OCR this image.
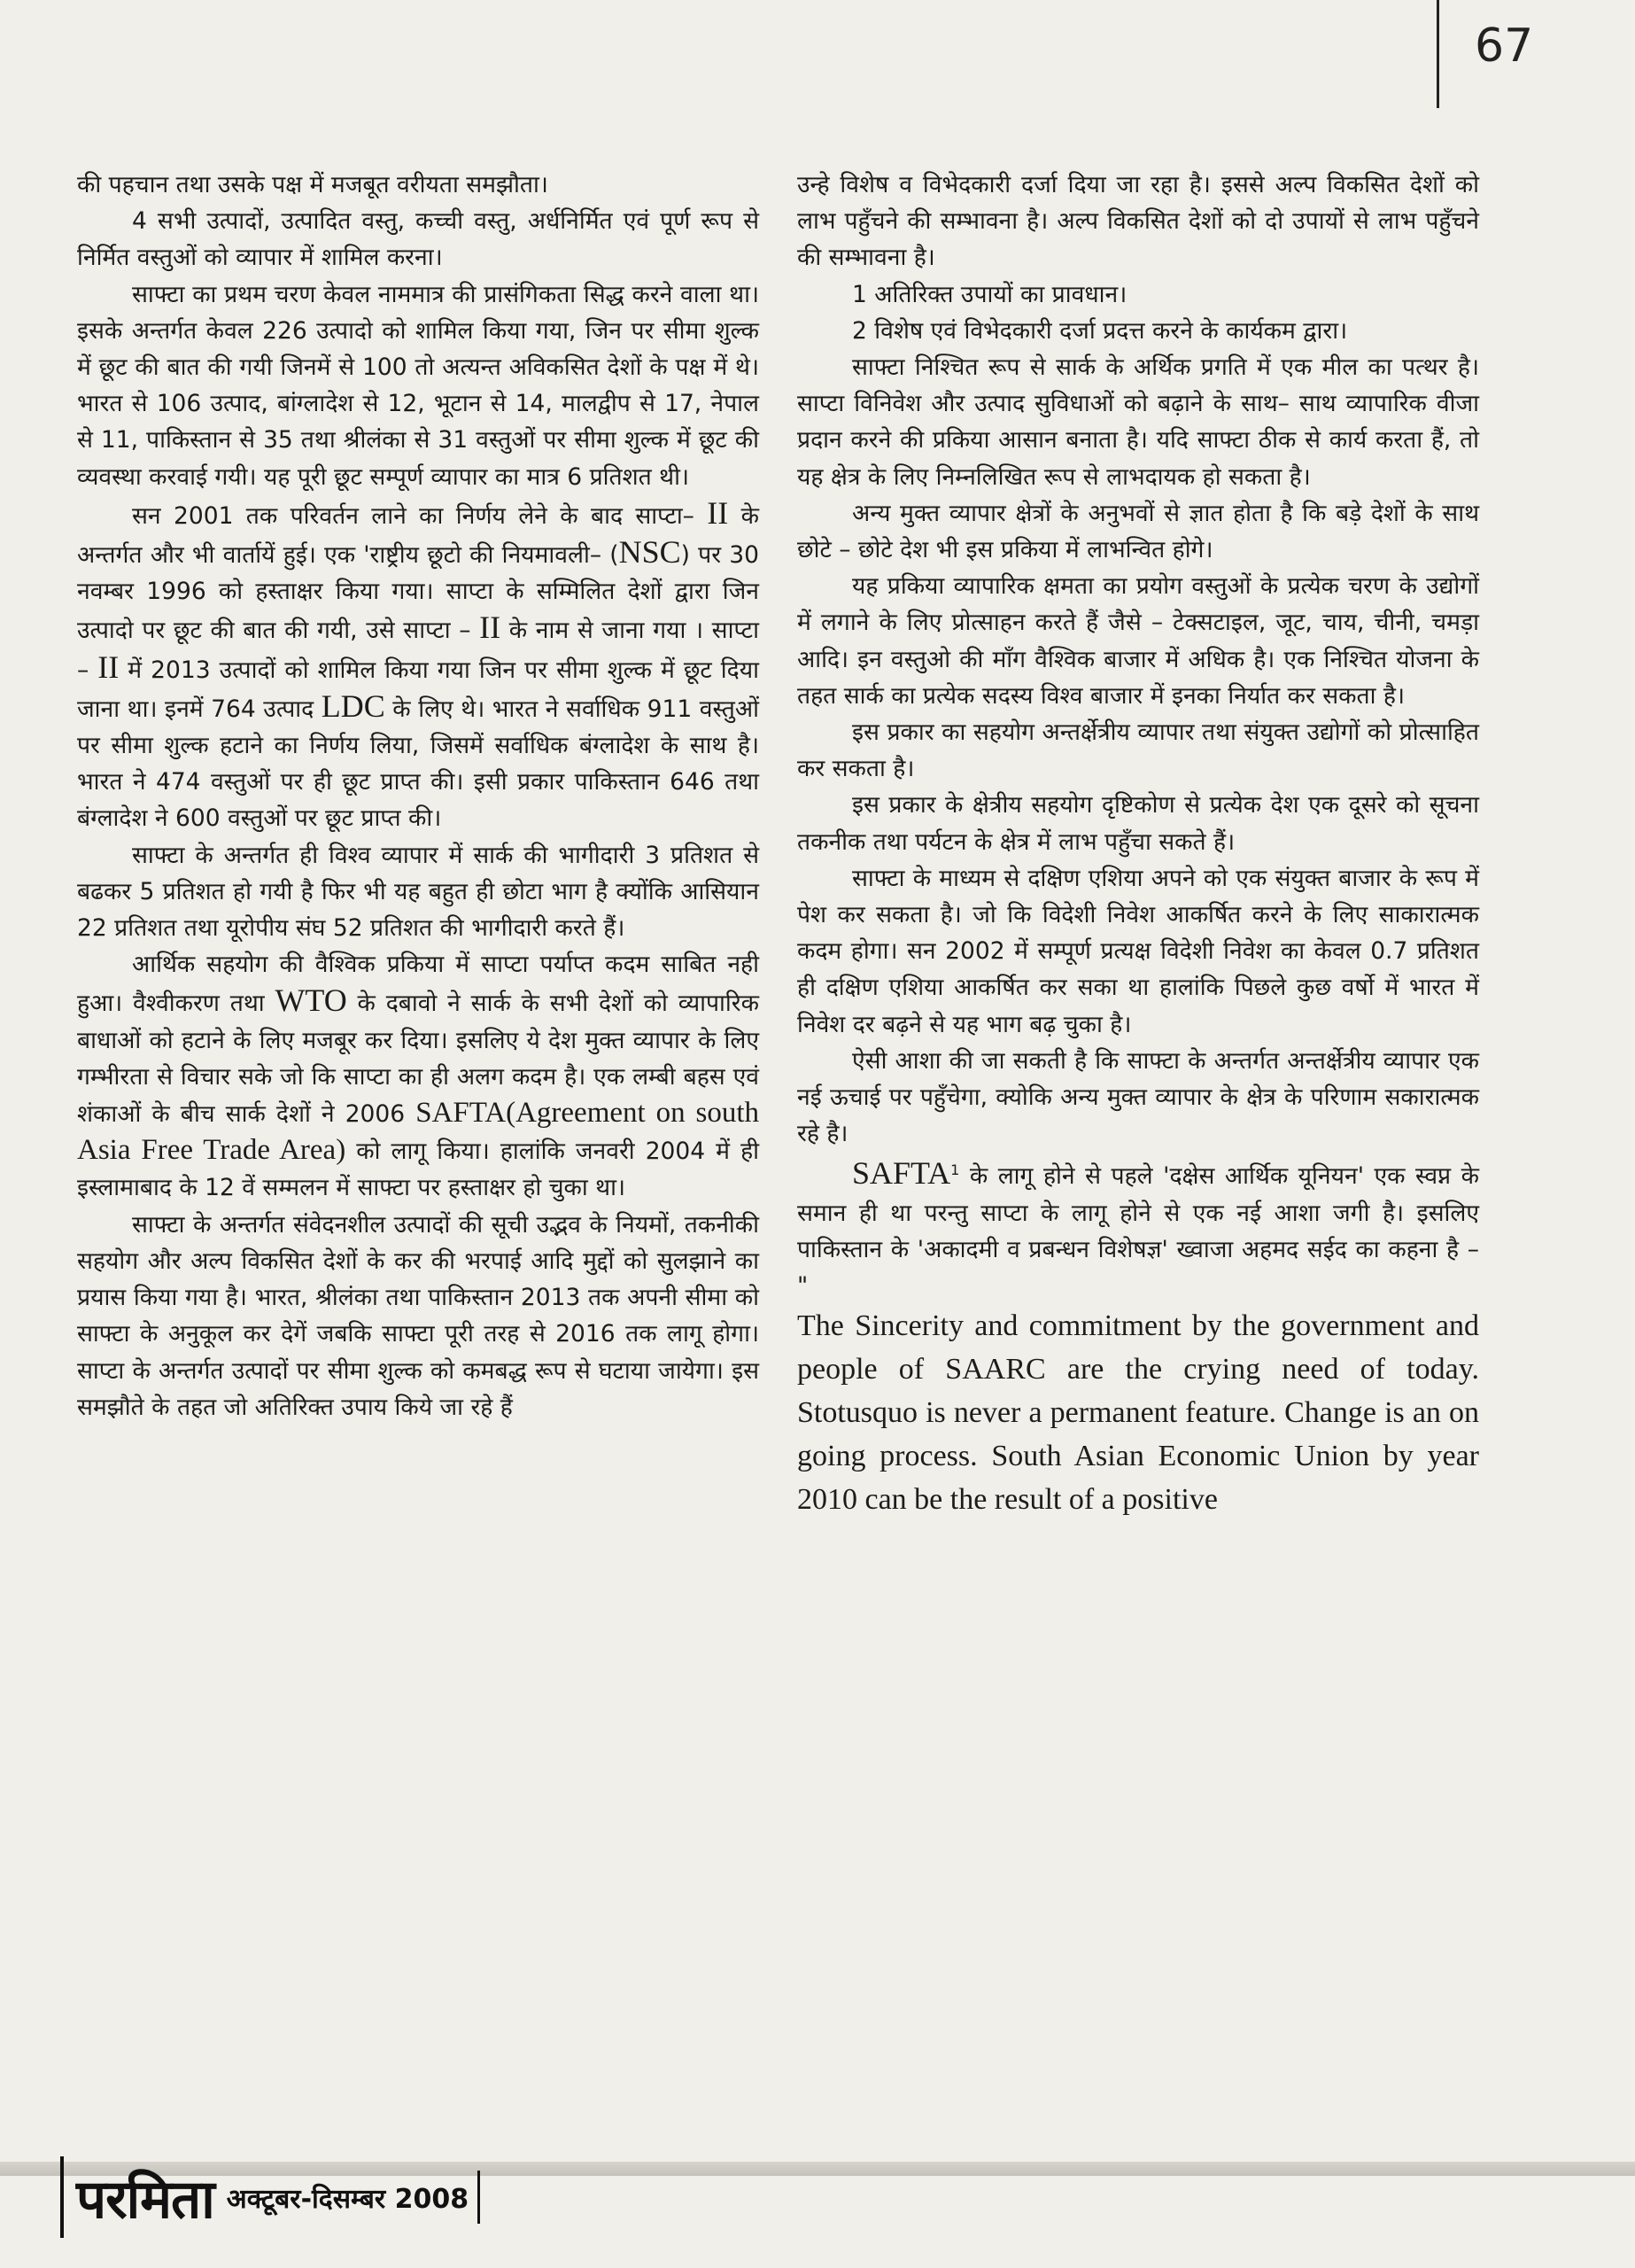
67

की पहचान तथा उसके पक्ष में मजबूत वरीयता समझौता।

4 सभी उत्पादों, उत्पादित वस्तु, कच्ची वस्तु, अर्धनिर्मित एवं पूर्ण रूप से निर्मित वस्तुओं को व्यापार में शामिल करना।

साफ्टा का प्रथम चरण केवल नाममात्र की प्रासंगिकता सिद्ध करने वाला था। इसके अन्तर्गत केवल 226 उत्पादो को शामिल किया गया, जिन पर सीमा शुल्क में छूट की बात की गयी जिनमें से 100 तो अत्यन्त अविकसित देशों के पक्ष में थे। भारत से 106 उत्पाद, बांग्लादेश से 12, भूटान से 14, मालद्वीप से 17, नेपाल से 11, पाकिस्तान से 35 तथा श्रीलंका से 31 वस्तुओं पर सीमा शुल्क में छूट की व्यवस्था करवाई गयी। यह पूरी छूट सम्पूर्ण व्यापार का मात्र 6 प्रतिशत थी।

सन 2001 तक परिवर्तन लाने का निर्णय लेने के बाद साप्टा– II के अन्तर्गत और भी वार्तायें हुई। एक 'राष्ट्रीय छूटो की नियमावली– (NSC) पर 30 नवम्बर 1996 को हस्ताक्षर किया गया। साप्टा के सम्मिलित देशों द्वारा जिन उत्पादो पर छूट की बात की गयी, उसे साप्टा – II के नाम से जाना गया । साप्टा – II में 2013 उत्पादों को शामिल किया गया जिन पर सीमा शुल्क में छूट दिया जाना था। इनमें 764 उत्पाद LDC के लिए थे। भारत ने सर्वाधिक 911 वस्तुओं पर सीमा शुल्क हटाने का निर्णय लिया, जिसमें सर्वाधिक बंग्लादेश के साथ है। भारत ने 474 वस्तुओं पर ही छूट प्राप्त की। इसी प्रकार पाकिस्तान 646 तथा बंग्लादेश ने 600 वस्तुओं पर छूट प्राप्त की।

साफ्टा के अन्तर्गत ही विश्व व्यापार में सार्क की भागीदारी 3 प्रतिशत से बढकर 5 प्रतिशत हो गयी है फिर भी यह बहुत ही छोटा भाग है क्योंकि आसियान 22 प्रतिशत तथा यूरोपीय संघ 52 प्रतिशत की भागीदारी करते हैं।

आर्थिक सहयोग की वैश्विक प्रकिया में साप्टा पर्याप्त कदम साबित नही हुआ। वैश्वीकरण तथा WTO के दबावो ने सार्क के सभी देशों को व्यापारिक बाधाओं को हटाने के लिए मजबूर कर दिया। इसलिए ये देश मुक्त व्यापार के लिए गम्भीरता से विचार सके जो कि साप्टा का ही अलग कदम है। एक लम्बी बहस एवं शंकाओं के बीच सार्क देशों ने 2006 SAFTA(Agreement on south Asia Free Trade Area) को लागू किया। हालांकि जनवरी 2004 में ही इस्लामाबाद के 12 वें सम्मलन में साफ्टा पर हस्ताक्षर हो चुका था।

साफ्टा के अन्तर्गत संवेदनशील उत्पादों की सूची उद्भव के नियमों, तकनीकी सहयोग और अल्प विकसित देशों के कर की भरपाई आदि मुद्दों को सुलझाने का प्रयास किया गया है। भारत, श्रीलंका तथा पाकिस्तान 2013 तक अपनी सीमा को साफ्टा के अनुकूल कर देगें जबकि साफ्टा पूरी तरह से 2016 तक लागू होगा। साप्टा के अन्तर्गत उत्पादों पर सीमा शुल्क को कमबद्ध रूप से घटाया जायेगा। इस समझौते के तहत जो अतिरिक्त उपाय किये जा रहे हैं

उन्हे विशेष व विभेदकारी दर्जा दिया जा रहा है। इससे अल्प विकसित देशों को लाभ पहुँचने की सम्भावना है। अल्प विकसित देशों को दो उपायों से लाभ पहुँचने की सम्भावना है।

1 अतिरिक्त उपायों का प्रावधान।

2 विशेष एवं विभेदकारी दर्जा प्रदत्त करने के कार्यकम द्वारा।

साफ्टा निश्चित रूप से सार्क के अर्थिक प्रगति में एक मील का पत्थर है। साप्टा विनिवेश और उत्पाद सुविधाओं को बढ़ाने के साथ– साथ व्यापारिक वीजा प्रदान करने की प्रकिया आसान बनाता है। यदि साफ्टा ठीक से कार्य करता हैं, तो यह क्षेत्र के लिए निम्नलिखित रूप से लाभदायक हो सकता है।

अन्य मुक्त व्यापार क्षेत्रों के अनुभवों से ज्ञात होता है कि बड़े देशों के साथ छोटे – छोटे देश भी इस प्रकिया में लाभन्वित होगे।

यह प्रकिया व्यापारिक क्षमता का प्रयोग वस्तुओं के प्रत्येक चरण के उद्योगों में लगाने के लिए प्रोत्साहन करते हैं जैसे – टेक्सटाइल, जूट, चाय, चीनी, चमड़ा आदि। इन वस्तुओ की माँग वैश्विक बाजार में अधिक है। एक निश्चित योजना के तहत सार्क का प्रत्येक सदस्य विश्व बाजार में इनका निर्यात कर सकता है।

इस प्रकार का सहयोग अन्तर्क्षेत्रीय व्यापार तथा संयुक्त उद्योगों को प्रोत्साहित कर सकता है।

इस प्रकार के क्षेत्रीय सहयोग दृष्टिकोण से प्रत्येक देश एक दूसरे को सूचना तकनीक तथा पर्यटन के क्षेत्र में लाभ पहुँचा सकते हैं।

साफ्टा के माध्यम से दक्षिण एशिया अपने को एक संयुक्त बाजार के रूप में पेश कर सकता है। जो कि विदेशी निवेश आकर्षित करने के लिए साकारात्मक कदम होगा। सन 2002 में सम्पूर्ण प्रत्यक्ष विदेशी निवेश का केवल 0.7 प्रतिशत ही दक्षिण एशिया आकर्षित कर सका था हालांकि पिछले कुछ वर्षो में भारत में निवेश दर बढ़ने से यह भाग बढ़ चुका है।

ऐसी आशा की जा सकती है कि साफ्टा के अन्तर्गत अन्तर्क्षेत्रीय व्यापार एक नई ऊचाई पर पहुँचेगा, क्योकि अन्य मुक्त व्यापार के क्षेत्र के परिणाम सकारात्मक रहे है।

SAFTA$^1$ के लागू होने से पहले 'दक्षेस आर्थिक यूनियन' एक स्वप्न के समान ही था परन्तु साप्टा के लागू होने से एक नई आशा जगी है। इसलिए पाकिस्तान के 'अकादमी व प्रबन्धन विशेषज्ञ' ख्वाजा अहमद सईद का कहना है – "

The Sincerity and commitment by the government and people of SAARC are the crying need of today. Stotusquo is never a permanent feature. Change is an on going process. South Asian Economic Union by year 2010 can be the result of a positive

परमिता अक्टूबर-दिसम्बर 2008
